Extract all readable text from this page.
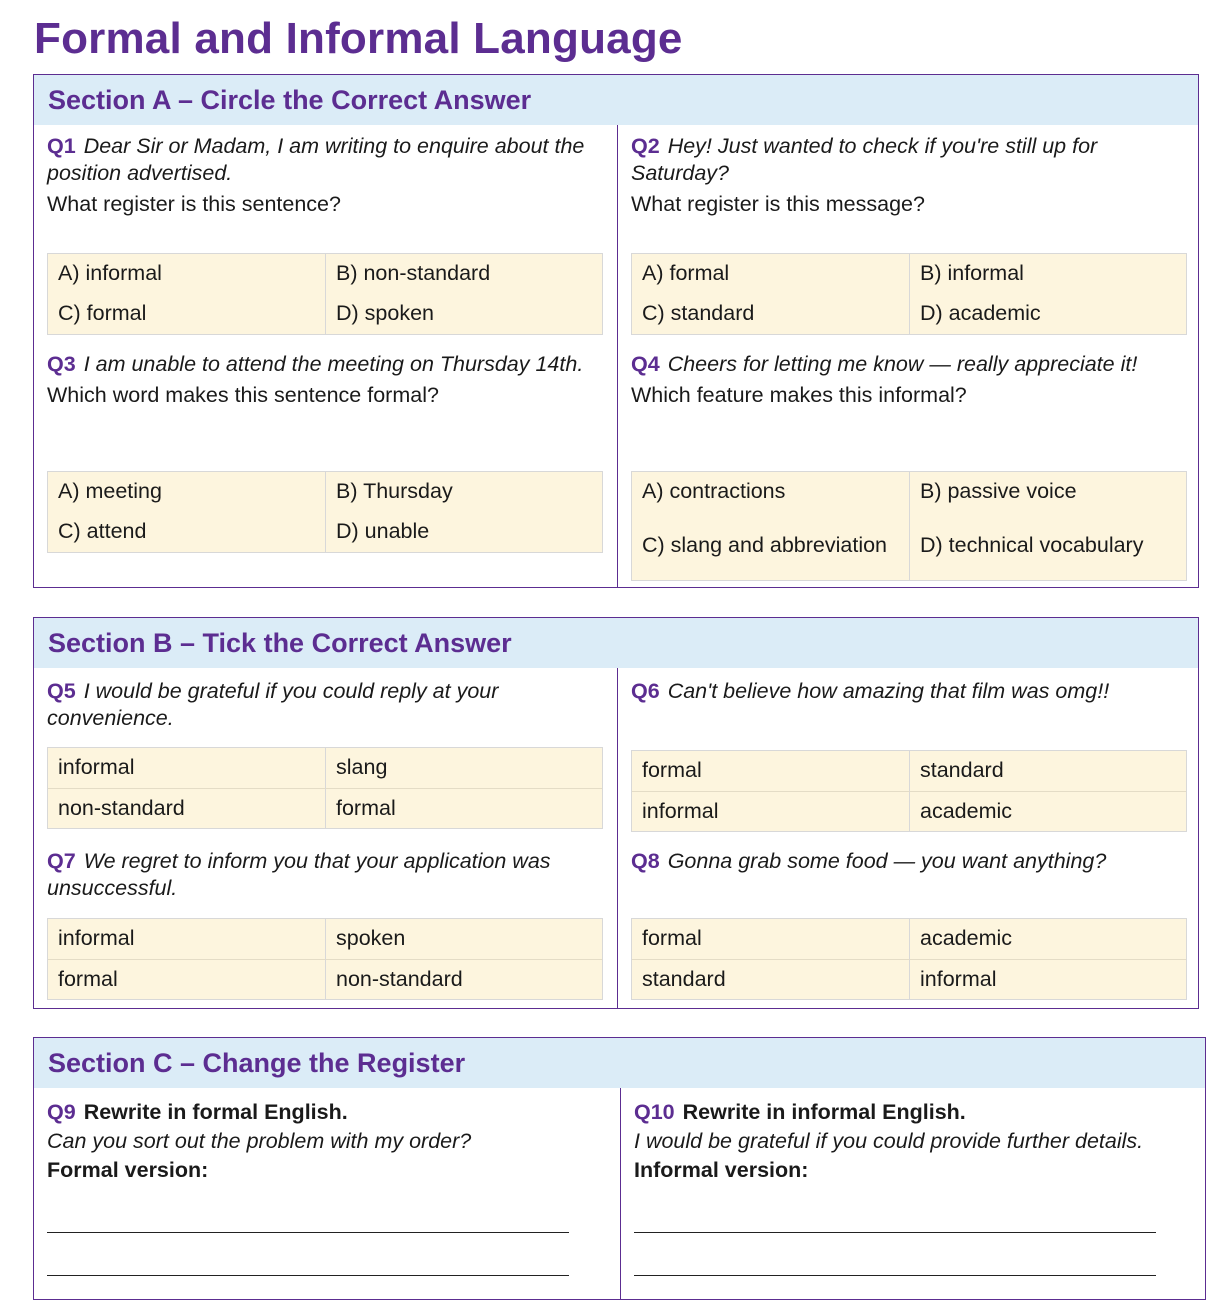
Formal and Informal Language
Section A – Circle the Correct Answer
Q1 Dear Sir or Madam, I am writing to enquire about the position advertised.
What register is this sentence?
A) informal	B) non-standard
C) formal	D) spoken
Q2 Hey! Just wanted to check if you're still up for Saturday?
What register is this message?
A) formal	B) informal
C) standard	D) academic
Q3 I am unable to attend the meeting on Thursday 14th.
Which word makes this sentence formal?
A) meeting	B) Thursday
C) attend	D) unable
Q4 Cheers for letting me know — really appreciate it!
Which feature makes this informal?
A) contractions	B) passive voice
C) slang and abbreviation	D) technical vocabulary
Section B – Tick the Correct Answer
Q5 I would be grateful if you could reply at your convenience.
informal	slang
non-standard	formal
Q6 Can't believe how amazing that film was omg!!
formal	standard
informal	academic
Q7 We regret to inform you that your application was unsuccessful.
informal	spoken
formal	non-standard
Q8 Gonna grab some food — you want anything?
formal	academic
standard	informal
Section C – Change the Register
Q9 Rewrite in formal English.
Can you sort out the problem with my order?
Formal version:
Q10 Rewrite in informal English.
I would be grateful if you could provide further details.
Informal version:
